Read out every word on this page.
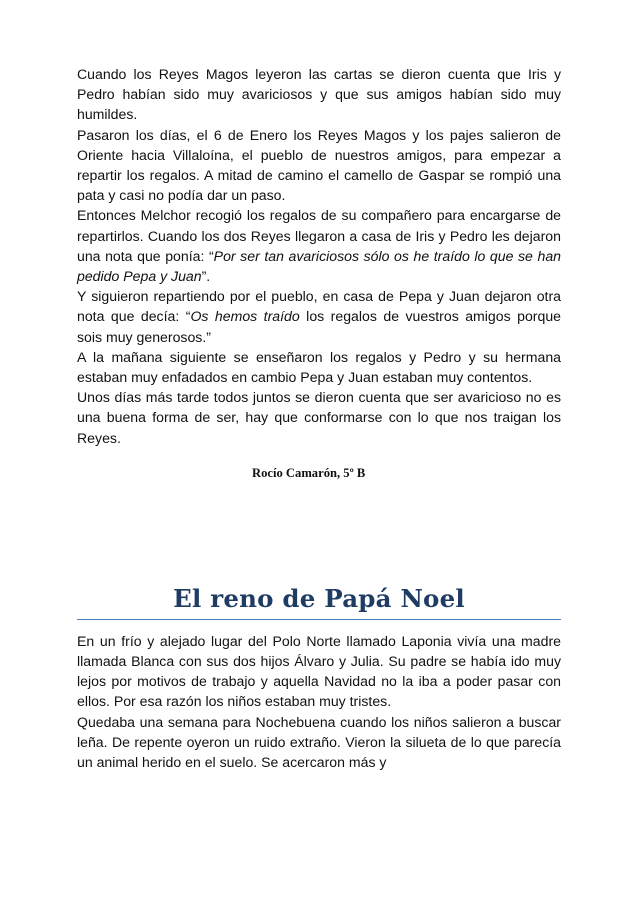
Cuando los Reyes Magos leyeron las cartas se dieron cuenta que Iris y Pedro habían sido muy avariciosos y que sus amigos habían sido muy humildes.

Pasaron los días, el 6 de Enero los Reyes Magos y los pajes salieron de Oriente hacia Villaloína, el pueblo de nuestros amigos, para empezar a repartir los regalos. A mitad de camino el camello de Gaspar se rompió una pata y casi no podía dar un paso.

Entonces Melchor recogió los regalos de su compañero para encargarse de repartirlos. Cuando los dos Reyes llegaron a casa de Iris y Pedro les dejaron una nota que ponía: “Por ser tan avariciosos sólo os he traído lo que se han pedido Pepa y Juan”.

Y siguieron repartiendo por el pueblo, en casa de Pepa y Juan dejaron otra nota que decía: “Os hemos traído los regalos de vuestros amigos porque sois muy generosos.”

A la mañana siguiente se enseñaron los regalos y Pedro y su hermana estaban muy enfadados en cambio Pepa y Juan estaban muy contentos.

Unos días más tarde todos juntos se dieron cuenta que ser avaricioso no es una buena forma de ser, hay que conformarse con lo que nos traigan los Reyes.

Rocío Camarón, 5º B

El reno de Papá Noel

En un frío y alejado lugar del Polo Norte llamado Laponia vivía una madre llamada Blanca con sus dos hijos Álvaro y Julia. Su padre se había ido muy lejos por motivos de trabajo y aquella Navidad no la iba a poder pasar con ellos. Por esa razón los niños estaban muy tristes.

Quedaba una semana para Nochebuena cuando los niños salieron a buscar leña. De repente oyeron un ruido extraño. Vieron la silueta de lo que parecía un animal herido en el suelo. Se acercaron más y
